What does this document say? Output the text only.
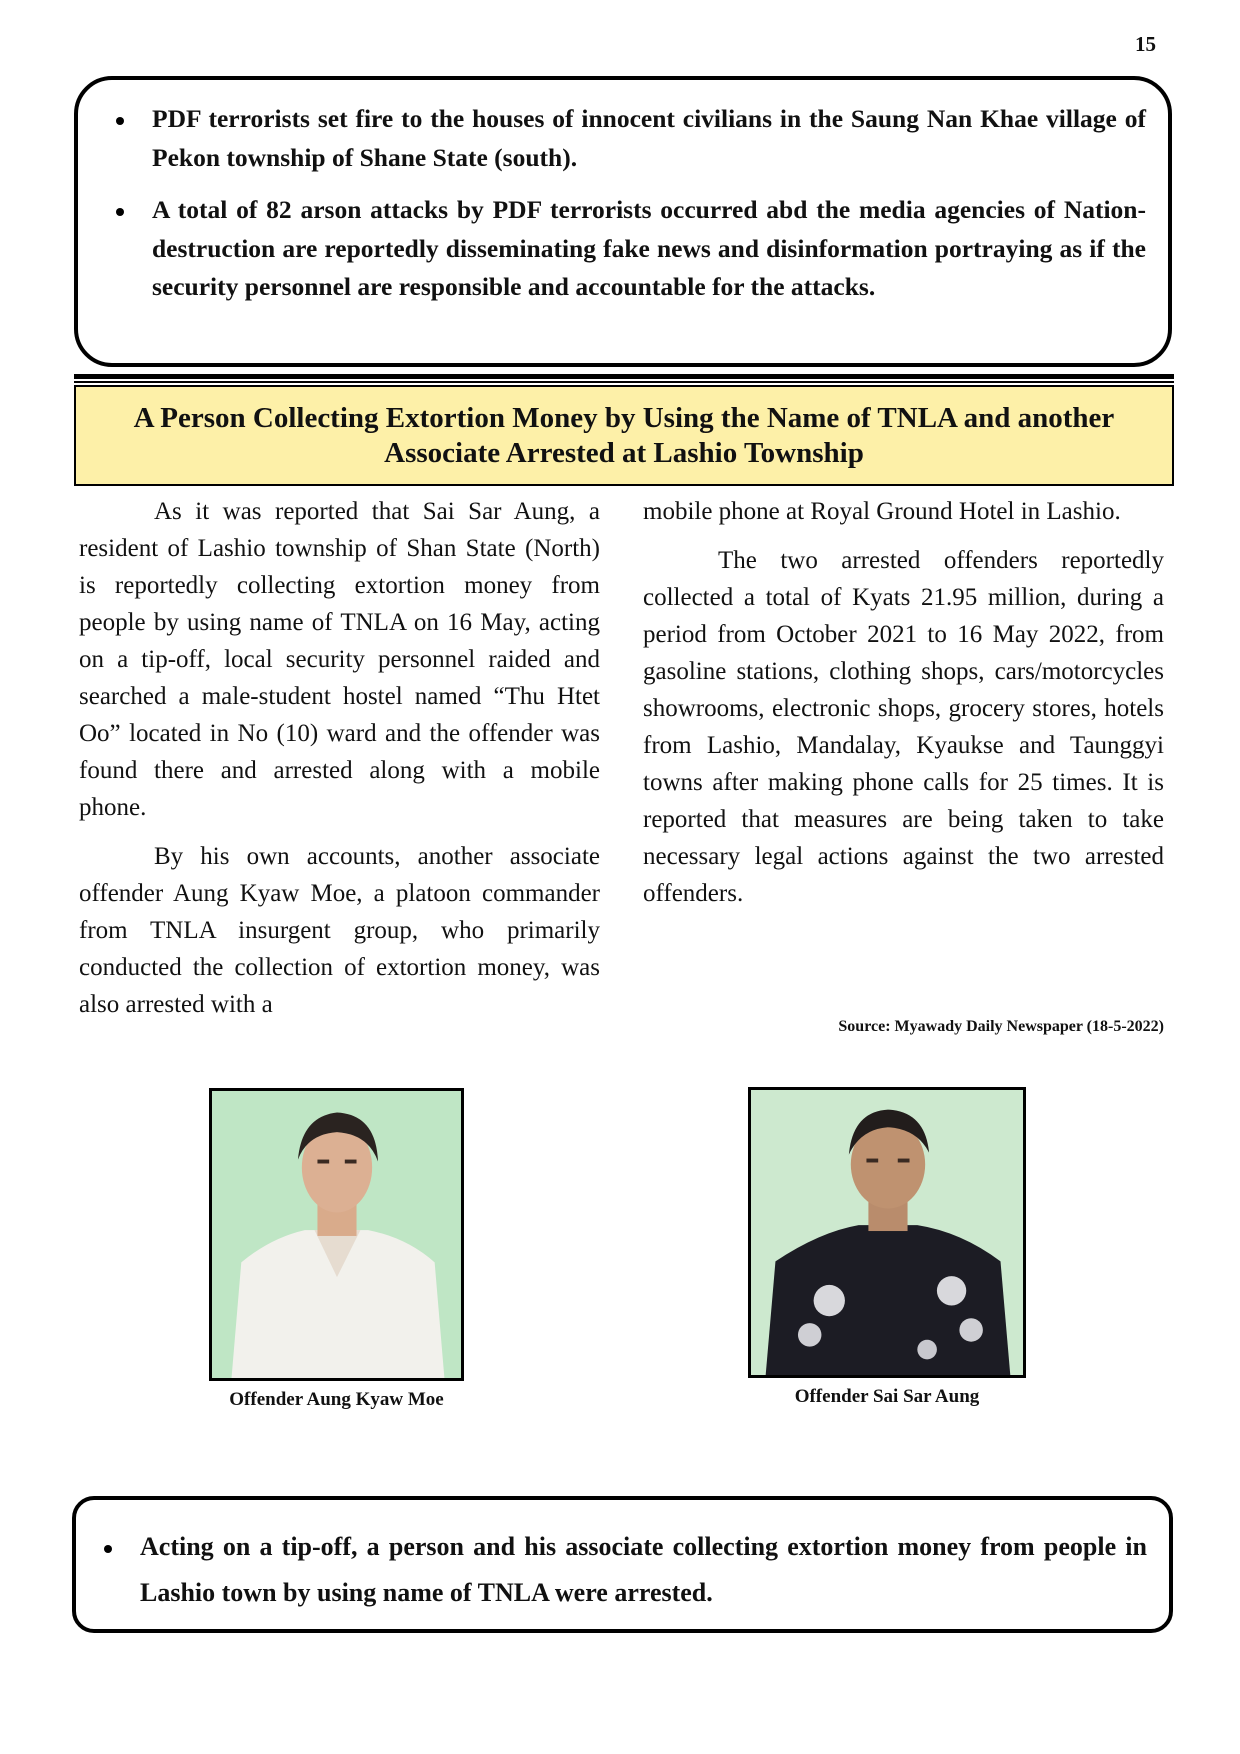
15
PDF terrorists set fire to the houses of innocent civilians in the Saung Nan Khae village of Pekon township of Shane State (south).
A total of 82 arson attacks by PDF terrorists occurred abd the media agencies of Nation-destruction are reportedly disseminating fake news and disinformation portraying as if the security personnel are responsible and accountable for the attacks.
A Person Collecting Extortion Money by Using the Name of TNLA and another
Associate Arrested at Lashio Township

As it was reported that Sai Sar Aung, a resident of Lashio township of Shan State (North) is reportedly collecting extortion money from people by using name of TNLA on 16 May, acting on a tip-off, local security personnel raided and searched a male-student hostel named “Thu Htet Oo” located in No (10) ward and the offender was found there and arrested along with a mobile phone.

By his own accounts, another associate offender Aung Kyaw Moe, a platoon commander from TNLA insurgent group, who primarily conducted the collection of extortion money, was also arrested with a

mobile phone at Royal Ground Hotel in Lashio.

The two arrested offenders reportedly collected a total of Kyats 21.95 million, during a period from October 2021 to 16 May 2022, from gasoline stations, clothing shops, cars/motorcycles showrooms, electronic shops, grocery stores, hotels from Lashio, Mandalay, Kyaukse and Taunggyi towns after making phone calls for 25 times. It is reported that measures are being taken to take necessary legal actions against the two arrested offenders.

Source: Myawady Daily Newspaper (18-5-2022)
Offender Aung Kyaw Moe	Offender Sai Sar Aung
Acting on a tip-off, a person and his associate collecting extortion money from people in Lashio town by using name of TNLA were arrested.
